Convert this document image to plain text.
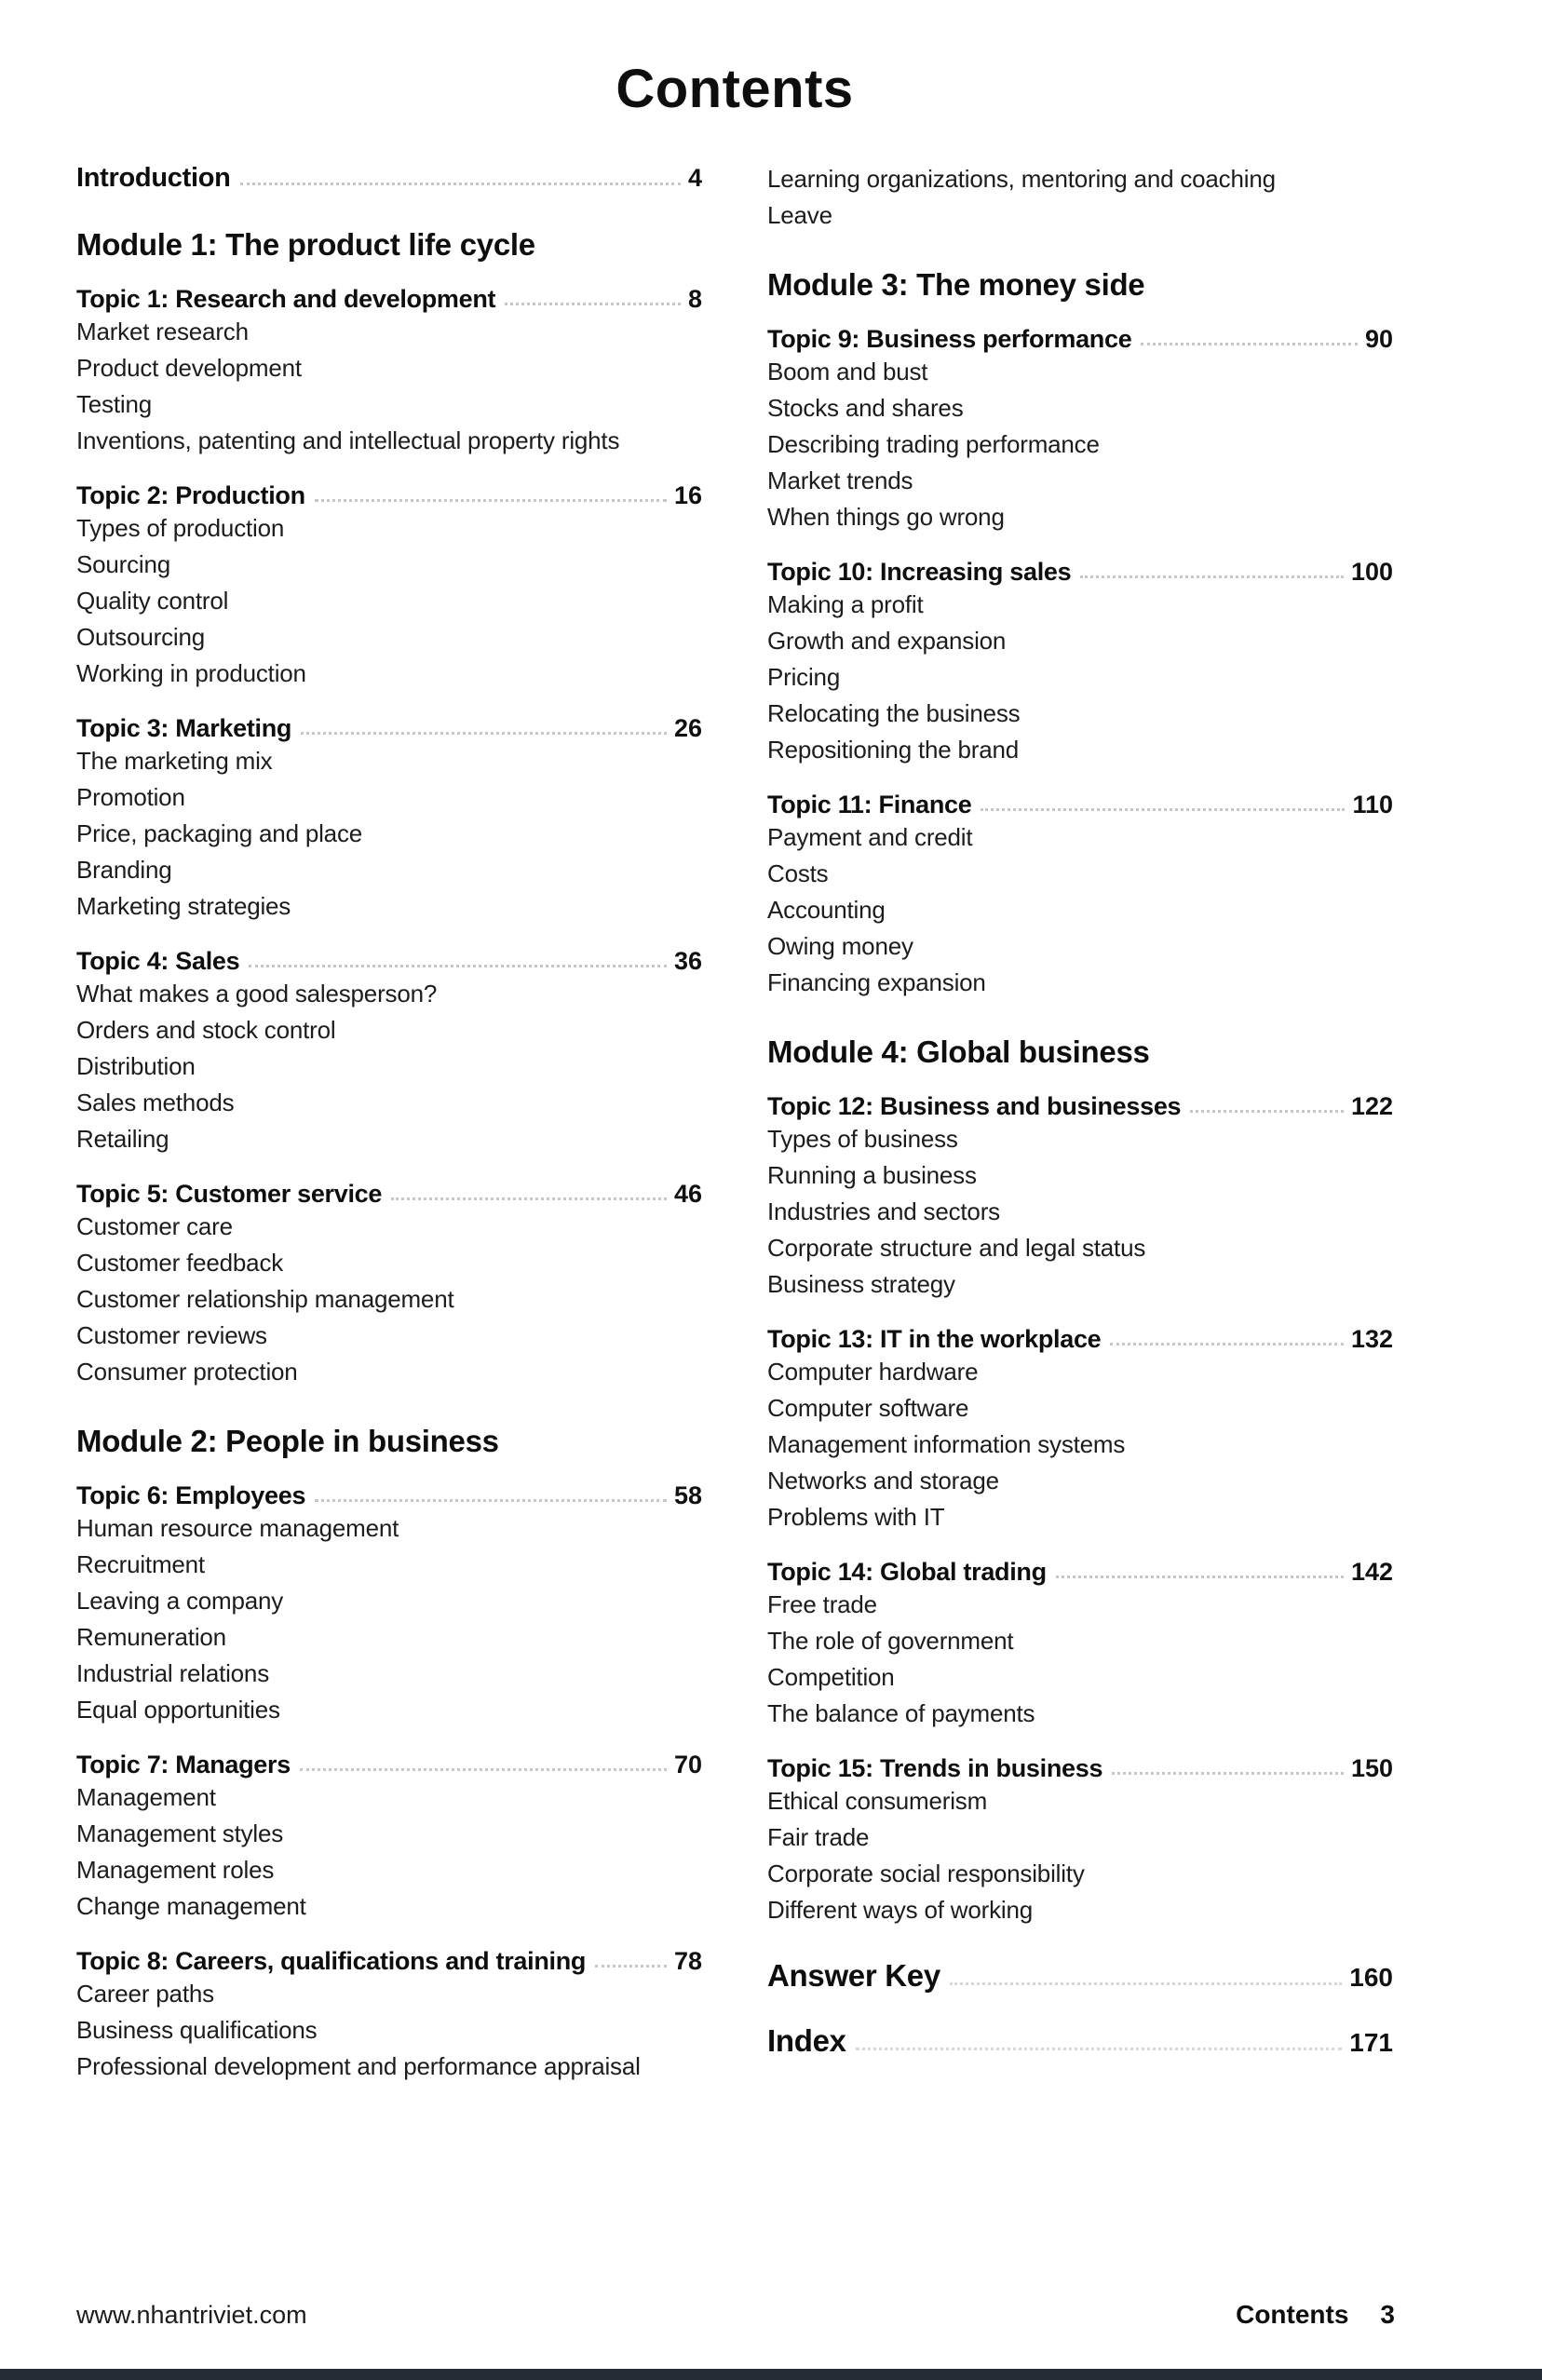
Contents
Introduction	4
Module 1: The product life cycle
Topic 1: Research and development	8
Market research
Product development
Testing
Inventions, patenting and intellectual property rights
Topic 2: Production	16
Types of production
Sourcing
Quality control
Outsourcing
Working in production
Topic 3: Marketing	26
The marketing mix
Promotion
Price, packaging and place
Branding
Marketing strategies
Topic 4: Sales	36
What makes a good salesperson?
Orders and stock control
Distribution
Sales methods
Retailing
Topic 5: Customer service	46
Customer care
Customer feedback
Customer relationship management
Customer reviews
Consumer protection
Module 2: People in business
Topic 6: Employees	58
Human resource management
Recruitment
Leaving a company
Remuneration
Industrial relations
Equal opportunities
Topic 7: Managers	70
Management
Management styles
Management roles
Change management
Topic 8: Careers, qualifications and training	78
Career paths
Business qualifications
Professional development and performance appraisal
Learning organizations, mentoring and coaching
Leave
Module 3: The money side
Topic 9: Business performance	90
Boom and bust
Stocks and shares
Describing trading performance
Market trends
When things go wrong
Topic 10: Increasing sales	100
Making a profit
Growth and expansion
Pricing
Relocating the business
Repositioning the brand
Topic 11: Finance	110
Payment and credit
Costs
Accounting
Owing money
Financing expansion
Module 4: Global business
Topic 12: Business and businesses	122
Types of business
Running a business
Industries and sectors
Corporate structure and legal status
Business strategy
Topic 13: IT in the workplace	132
Computer hardware
Computer software
Management information systems
Networks and storage
Problems with IT
Topic 14: Global trading	142
Free trade
The role of government
Competition
The balance of payments
Topic 15: Trends in business	150
Ethical consumerism
Fair trade
Corporate social responsibility
Different ways of working
Answer Key	160
Index	171
www.nhantriviet.com	Contents 3
